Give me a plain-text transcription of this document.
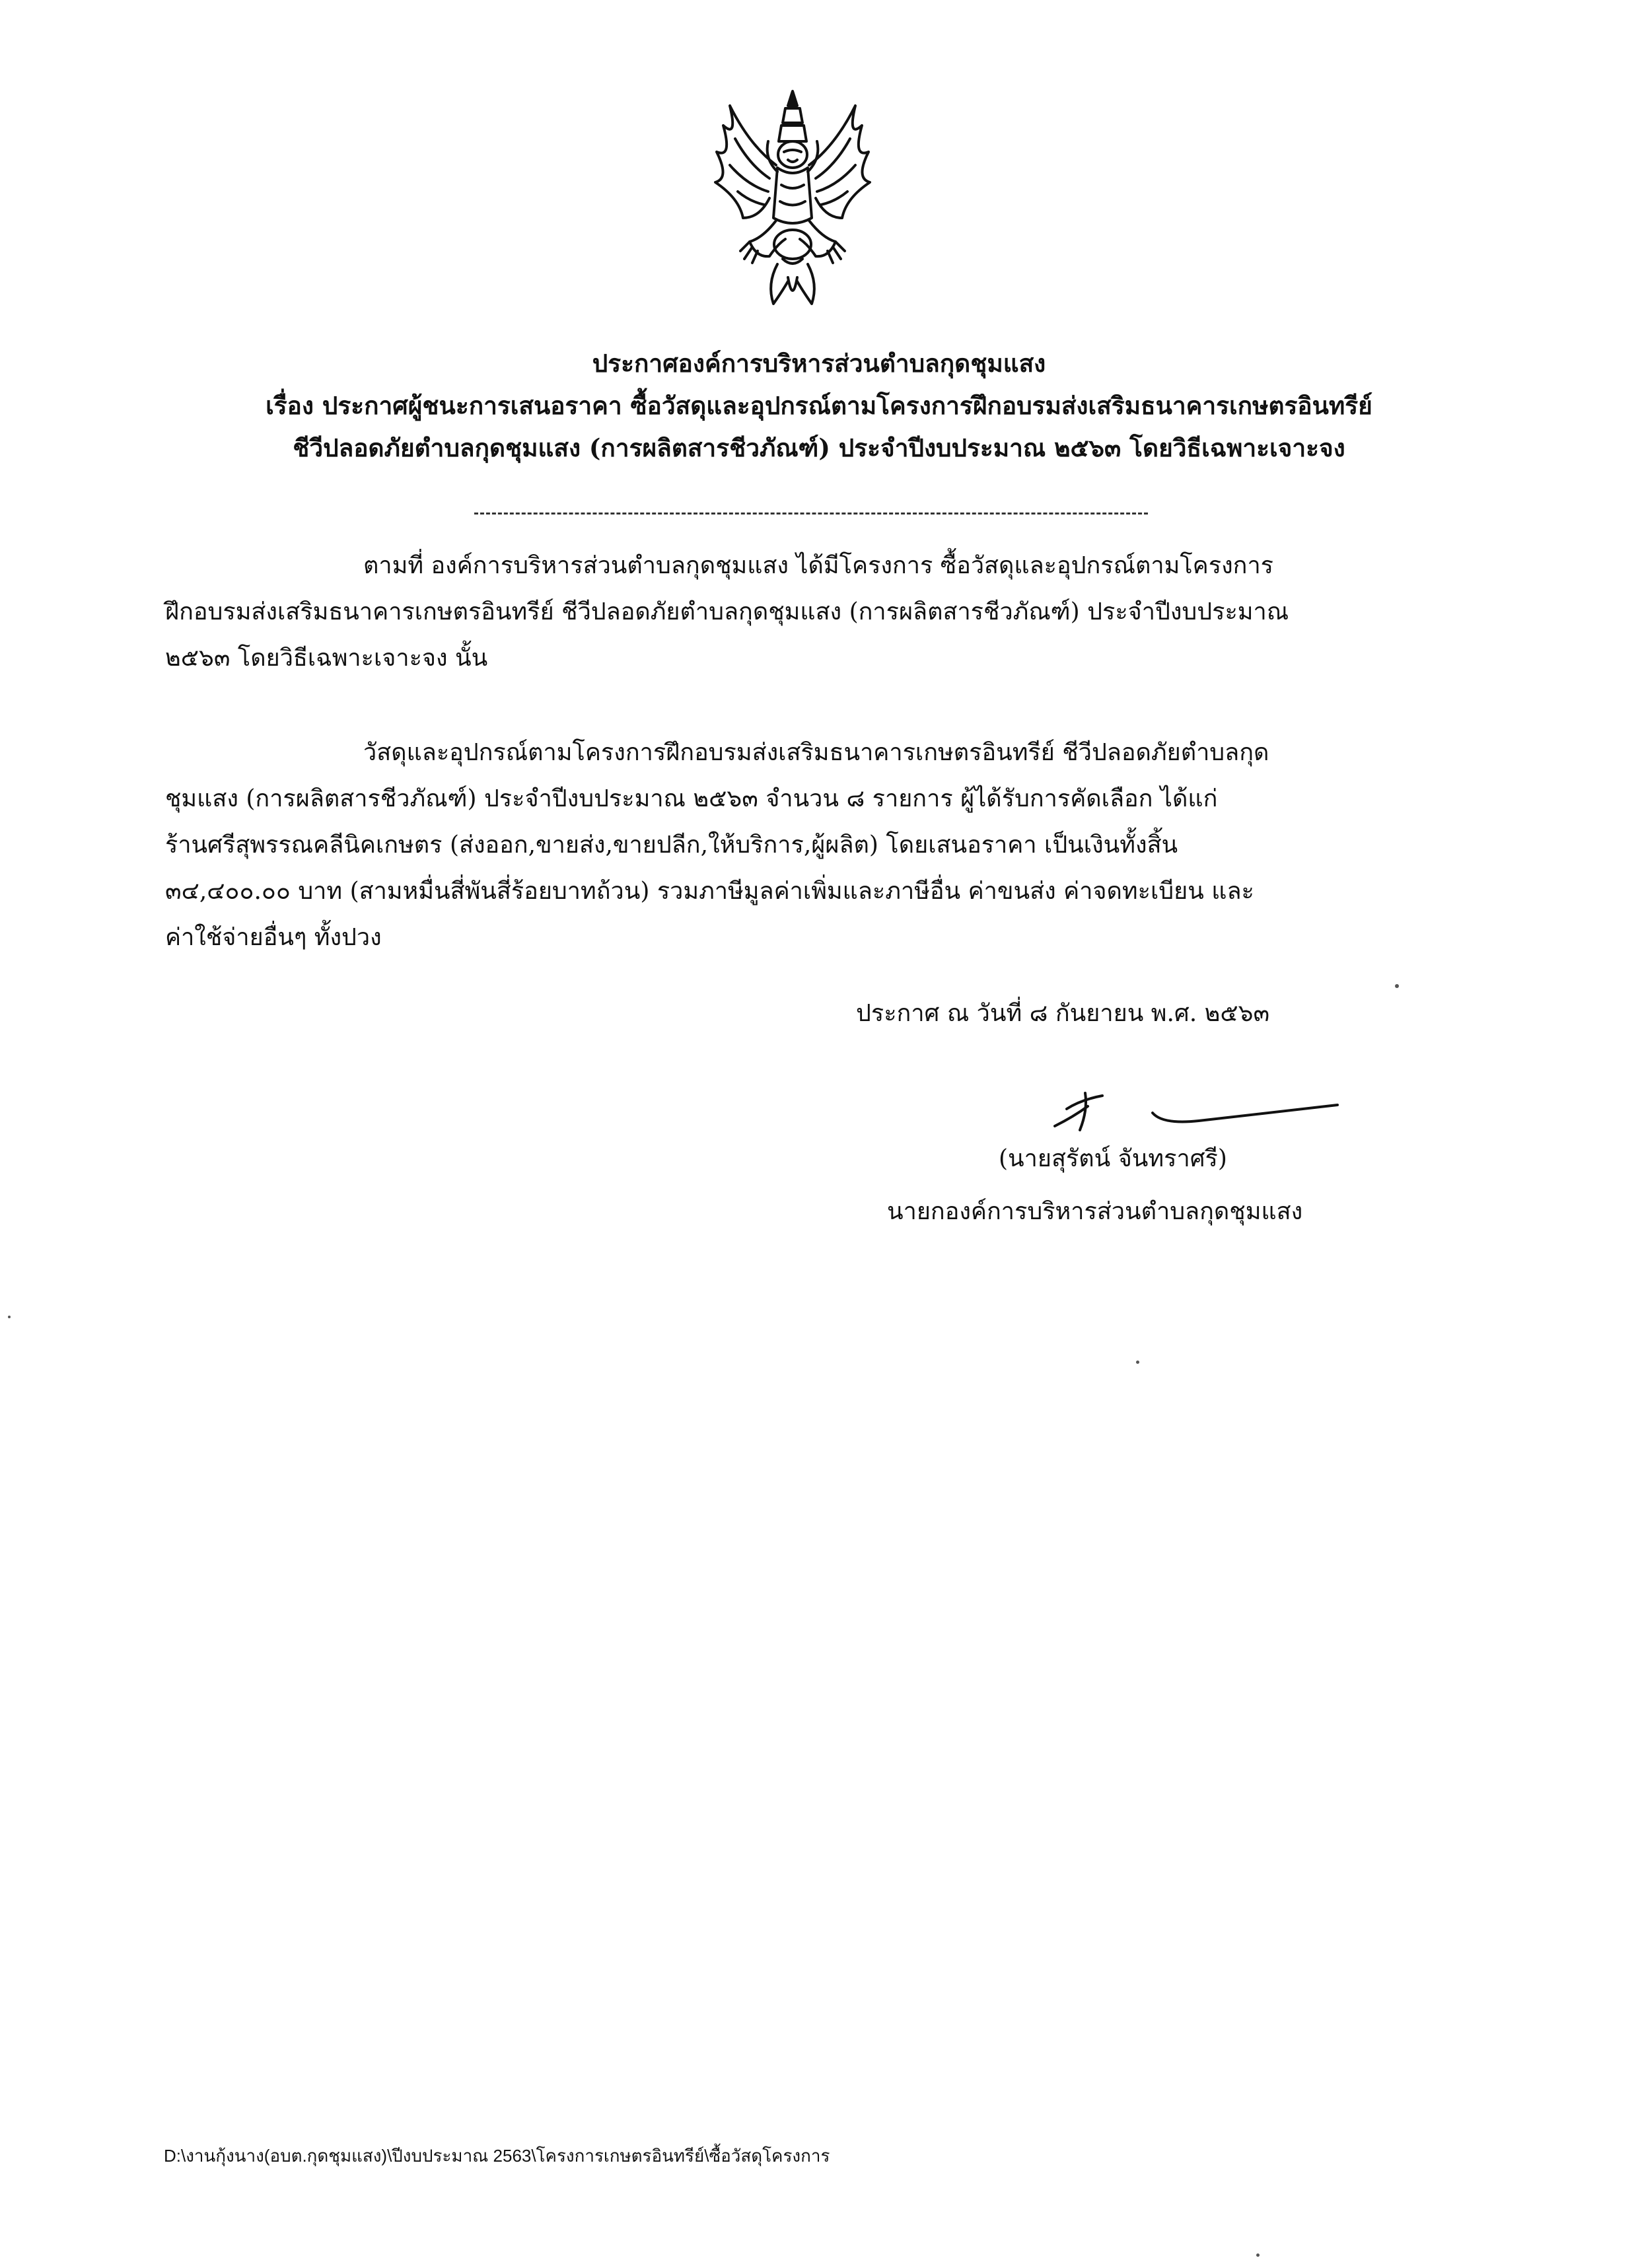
ประกาศองค์การบริหารส่วนตำบลกุดชุมแสง
เรื่อง ประกาศผู้ชนะการเสนอราคา ซื้อวัสดุและอุปกรณ์ตามโครงการฝึกอบรมส่งเสริมธนาคารเกษตรอินทรีย์
ชีวีปลอดภัยตำบลกุดชุมแสง (การผลิตสารชีวภัณฑ์) ประจำปีงบประมาณ ๒๕๖๓ โดยวิธีเฉพาะเจาะจง
ตามที่ องค์การบริหารส่วนตำบลกุดชุมแสง ได้มีโครงการ ซื้อวัสดุและอุปกรณ์ตามโครงการ
ฝึกอบรมส่งเสริมธนาคารเกษตรอินทรีย์ ชีวีปลอดภัยตำบลกุดชุมแสง (การผลิตสารชีวภัณฑ์) ประจำปีงบประมาณ
๒๕๖๓ โดยวิธีเฉพาะเจาะจง นั้น
วัสดุและอุปกรณ์ตามโครงการฝึกอบรมส่งเสริมธนาคารเกษตรอินทรีย์ ชีวีปลอดภัยตำบลกุด
ชุมแสง (การผลิตสารชีวภัณฑ์) ประจำปีงบประมาณ ๒๕๖๓ จำนวน ๘ รายการ ผู้ได้รับการคัดเลือก ได้แก่
ร้านศรีสุพรรณคลีนิคเกษตร (ส่งออก,ขายส่ง,ขายปลีก,ให้บริการ,ผู้ผลิต) โดยเสนอราคา เป็นเงินทั้งสิ้น
๓๔,๔๐๐.๐๐ บาท (สามหมื่นสี่พันสี่ร้อยบาทถ้วน) รวมภาษีมูลค่าเพิ่มและภาษีอื่น ค่าขนส่ง ค่าจดทะเบียน และ
ค่าใช้จ่ายอื่นๆ ทั้งปวง
ประกาศ ณ วันที่ ๘ กันยายน พ.ศ. ๒๕๖๓
(นายสุรัตน์ จันทราศรี)
นายกองค์การบริหารส่วนตำบลกุดชุมแสง
D:\งานกุ้งนาง(อบต.กุดชุมแสง)\ปีงบประมาณ 2563\โครงการเกษตรอินทรีย์\ซื้อวัสดุโครงการ
